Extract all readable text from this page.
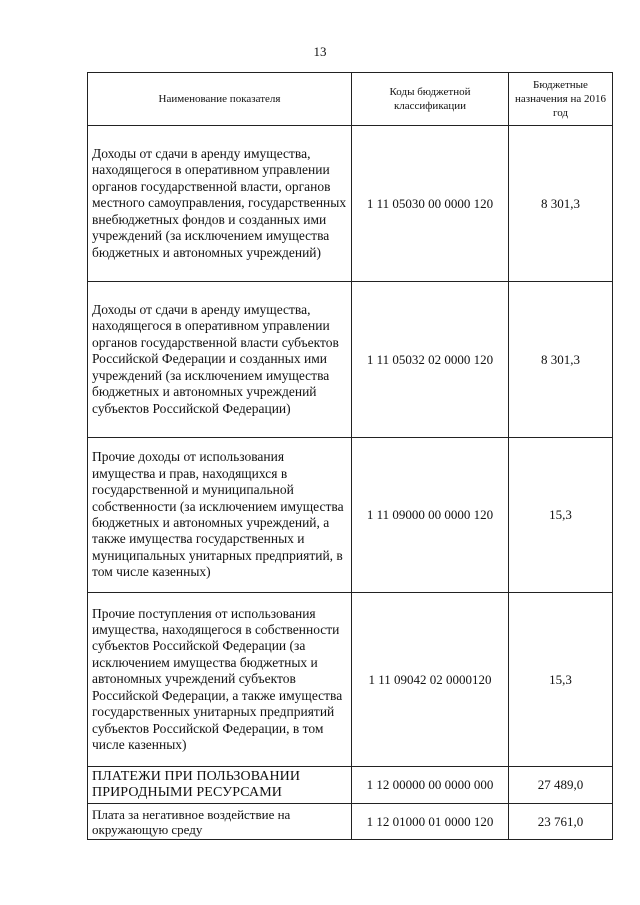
13
Наименование показателя	Коды бюджетной классификации	Бюджетные назначения на 2016 год
Доходы от сдачи в аренду имущества, находящегося в оперативном управлении органов государственной власти, органов местного самоуправления, государственных внебюджетных фондов и созданных ими учреждений (за исключением имущества бюджетных и автономных учреждений)	1 11 05030 00 0000 120	8 301,3
Доходы от сдачи в аренду имущества, находящегося в оперативном управлении органов государственной власти субъектов Российской Федерации и созданных ими учреждений (за исключением имущества бюджетных и автономных учреждений субъектов Российской Федерации)	1 11 05032 02 0000 120	8 301,3
Прочие доходы от использования имущества и прав, находящихся в государственной и муниципальной собственности (за исключением имущества бюджетных и автономных учреждений, а также имущества государственных и муниципальных унитарных предприятий, в том числе казенных)	1 11 09000 00 0000 120	15,3
Прочие поступления от использования имущества, находящегося в собственности субъектов Российской Федерации (за исключением имущества бюджетных и автономных учреждений субъектов Российской Федерации, а также имущества государственных унитарных предприятий субъектов Российской Федерации, в том числе казенных)	1 11 09042 02 0000120	15,3
ПЛАТЕЖИ ПРИ ПОЛЬЗОВАНИИ ПРИРОДНЫМИ РЕСУРСАМИ	1 12 00000 00 0000 000	27 489,0
Плата за негативное воздействие на окружающую среду	1 12 01000 01 0000 120	23 761,0
